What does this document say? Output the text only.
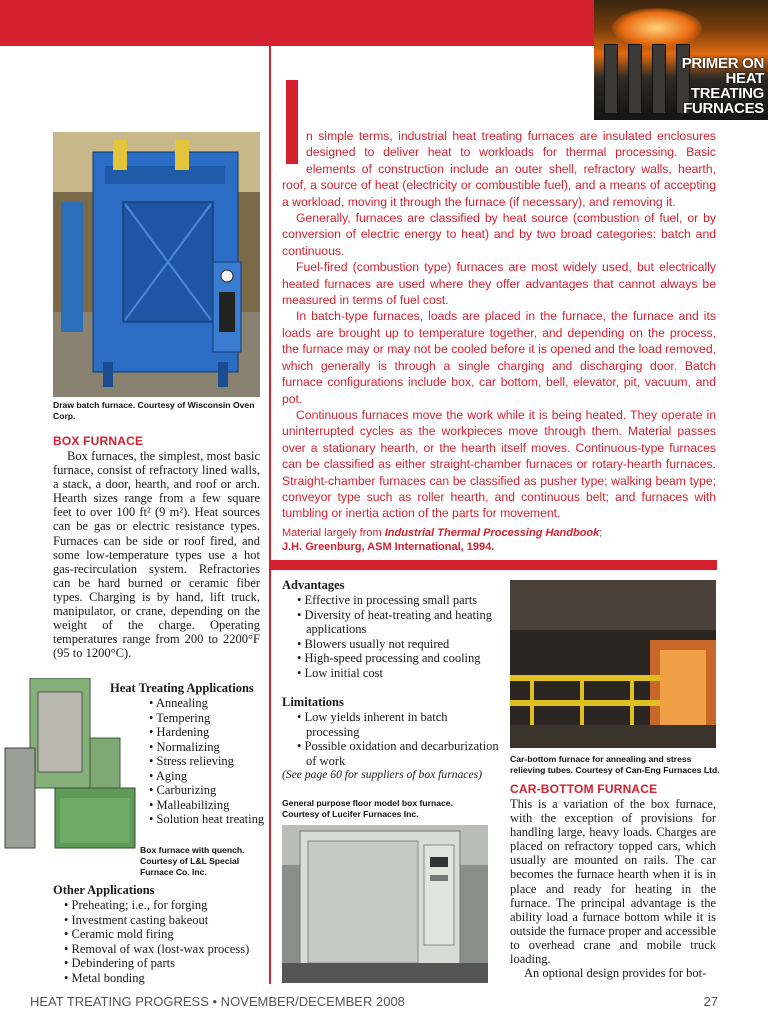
PRIMER ON
HEAT
TREATING
FURNACES
Draw batch furnace. Courtesy of Wisconsin Oven Corp.
BOX FURNACE
Box furnaces, the simplest, most basic furnace, consist of refractory lined walls, a stack, a door, hearth, and roof or arch. Hearth sizes range from a few square feet to over 100 ft² (9 m²). Heat sources can be gas or electric resistance types. Furnaces can be side or roof fired, and some low-temperature types use a hot gas-recirculation system. Refractories can be hard burned or ceramic fiber types. Charging is by hand, lift truck, manipulator, or crane, depending on the weight of the charge. Operating temperatures range from 200 to 2200°F (95 to 1200°C).
Box furnace with quench. Courtesy of L&L Special Furnace Co. Inc.
Heat Treating Applications
• Annealing
• Tempering
• Hardening
• Normalizing
• Stress relieving
• Aging
• Carburizing
• Malleabilizing
• Solution heat treating
Other Applications
• Preheating; i.e., for forging
• Investment casting bakeout
• Ceramic mold firing
• Removal of wax (lost-wax process)
• Debindering of parts
• Metal bonding

n simple terms, industrial heat treating furnaces are insulated enclosures designed to deliver heat to workloads for thermal processing. Basic elements of construction include an outer shell, refractory walls, hearth, roof, a source of heat (electricity or combustible fuel), and a means of accepting a workload, moving it through the furnace (if necessary), and removing it.

Generally, furnaces are classified by heat source (combustion of fuel, or by conversion of electric energy to heat) and by two broad categories: batch and continuous.

Fuel-fired (combustion type) furnaces are most widely used, but electrically heated furnaces are used where they offer advantages that cannot always be measured in terms of fuel cost.

In batch-type furnaces, loads are placed in the furnace, the furnace and its loads are brought up to temperature together, and depending on the process, the furnace may or may not be cooled before it is opened and the load removed, which generally is through a single charging and discharging door. Batch furnace configurations include box, car bottom, bell, elevator, pit, vacuum, and pot.

Continuous furnaces move the work while it is being heated. They operate in uninterrupted cycles as the workpieces move through them. Material passes over a stationary hearth, or the hearth itself moves. Continuous-type furnaces can be classified as either straight-chamber furnaces or rotary-hearth furnaces. Straight-chamber furnaces can be classified as pusher type; walking beam type; conveyor type such as roller hearth, and continuous belt; and furnaces with tumbling or inertia action of the parts for movement.

Material largely from Industrial Thermal Processing Handbook;
J.H. Greenburg, ASM International, 1994.
Advantages
• Effective in processing small parts
• Diversity of heat-treating and heating applications
• Blowers usually not required
• High-speed processing and cooling
• Low initial cost
Limitations
• Low yields inherent in batch processing
• Possible oxidation and decarburization of work
(See page 60 for suppliers of box furnaces)
General purpose floor model box furnace. Courtesy of Lucifer Furnaces Inc.
Car-bottom furnace for annealing and stress relieving tubes. Courtesy of Can-Eng Furnaces Ltd.
CAR-BOTTOM FURNACE

This is a variation of the box furnace, with the exception of provisions for handling large, heavy loads. Charges are placed on refractory topped cars, which usually are mounted on rails. The car becomes the furnace hearth when it is in place and ready for heating in the furnace. The principal advantage is the ability load a furnace bottom while it is outside the furnace proper and accessible to overhead crane and mobile truck loading.

An optional design provides for bot-

HEAT TREATING PROGRESS • NOVEMBER/DECEMBER 2008	27
